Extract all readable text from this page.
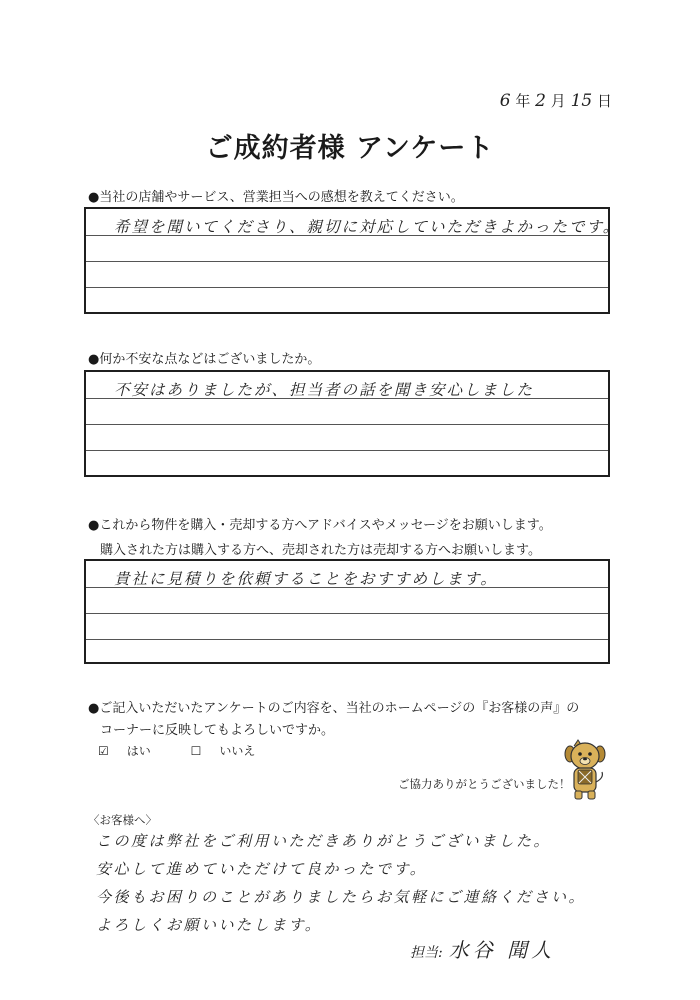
6 年 2 月 15 日
ご成約者様 アンケート
●当社の店舗やサービス、営業担当への感想を教えてください。
希望を聞いてくださり、親切に対応していただきよかったです。
●何か不安な点などはございましたか。
不安はありましたが、担当者の話を聞き安心しました
●これから物件を購入・売却する方へアドバイスやメッセージをお願いします。
購入された方は購入する方へ、売却された方は売却する方へお願いします。
貴社に見積りを依頼することをおすすめします。
●ご記入いただいたアンケートのご内容を、当社のホームページの『お客様の声』の
コーナーに反映してもよろしいですか。
☑ はい	☐ いいえ
ご協力ありがとうございました！
〈お客様へ〉
この度は弊社をご利用いただきありがとうございました。
安心して進めていただけて良かったです。
今後もお困りのことがありましたらお気軽にご連絡ください。
よろしくお願いいたします。
担当: 水谷 聞人
